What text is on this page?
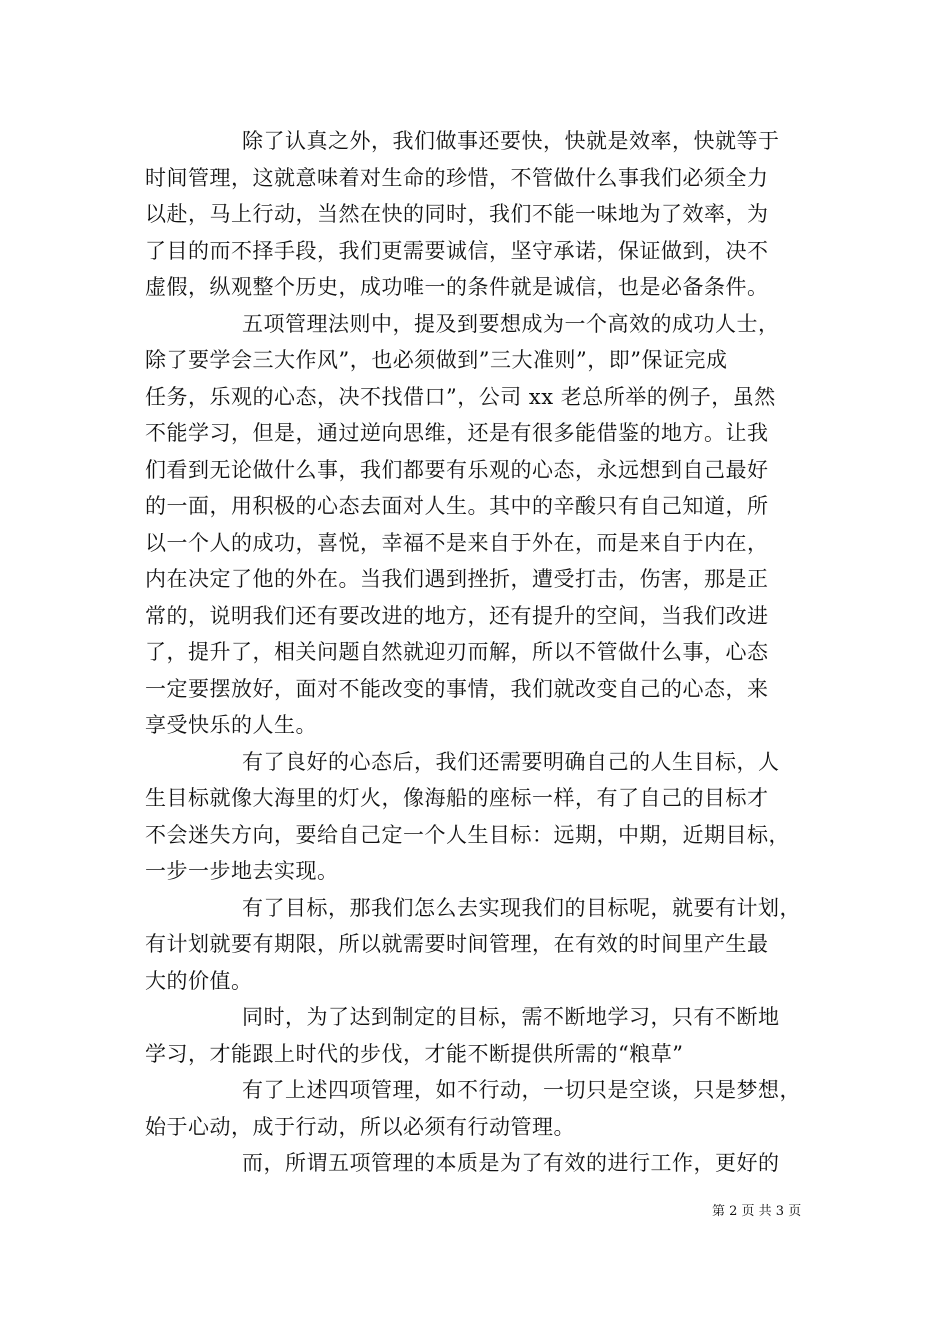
除了认真之外，我们做事还要快，快就是效率，快就等于
时间管理，这就意味着对生命的珍惜，不管做什么事我们必须全力
以赴，马上行动，当然在快的同时，我们不能一味地为了效率，为
了目的而不择手段，我们更需要诚信，坚守承诺，保证做到，决不
虚假，纵观整个历史，成功唯一的条件就是诚信，也是必备条件。
五项管理法则中，提及到要想成为一个高效的成功人士，
除了要学会三大作风”，也必须做到”三大准则”，即”保证完成
任务，乐观的心态，决不找借口”，公司 xx 老总所举的例子，虽然
不能学习，但是，通过逆向思维，还是有很多能借鉴的地方。让我
们看到无论做什么事，我们都要有乐观的心态，永远想到自己最好
的一面，用积极的心态去面对人生。其中的辛酸只有自己知道，所
以一个人的成功，喜悦，幸福不是来自于外在，而是来自于内在，
内在决定了他的外在。当我们遇到挫折，遭受打击，伤害，那是正
常的，说明我们还有要改进的地方，还有提升的空间，当我们改进
了，提升了，相关问题自然就迎刃而解，所以不管做什么事，心态
一定要摆放好，面对不能改变的事情，我们就改变自己的心态，来
享受快乐的人生。
有了良好的心态后，我们还需要明确自己的人生目标，人
生目标就像大海里的灯火，像海船的座标一样，有了自己的目标才
不会迷失方向，要给自己定一个人生目标：远期，中期，近期目标，
一步一步地去实现。
有了目标，那我们怎么去实现我们的目标呢，就要有计划，
有计划就要有期限，所以就需要时间管理，在有效的时间里产生最
大的价值。
同时，为了达到制定的目标，需不断地学习，只有不断地
学习，才能跟上时代的步伐，才能不断提供所需的“粮草”
有了上述四项管理，如不行动，一切只是空谈，只是梦想，
始于心动，成于行动，所以必须有行动管理。
而，所谓五项管理的本质是为了有效的进行工作，更好的
第 2 页 共 3 页
